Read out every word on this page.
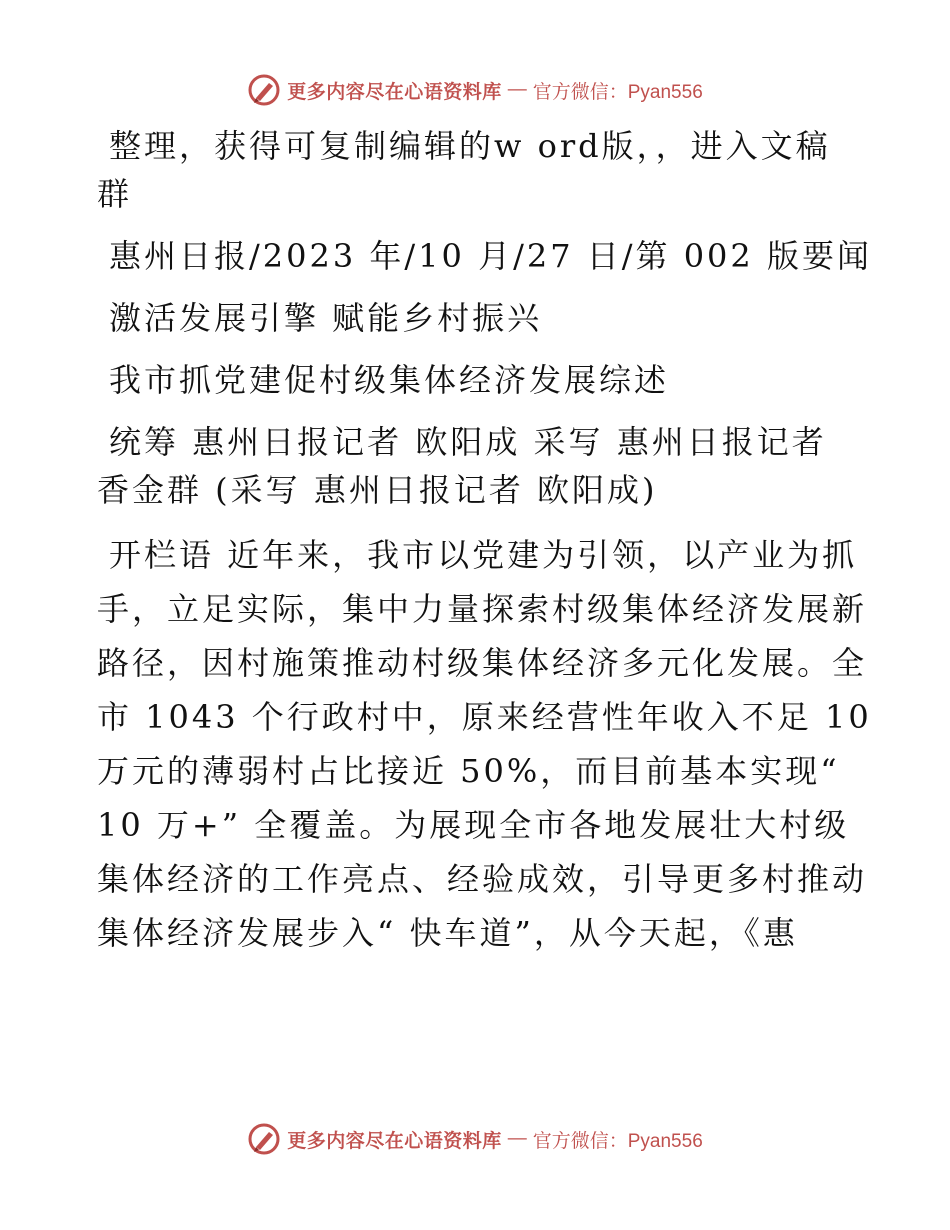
更多内容尽在心语资料库 — 官方微信：Pyan556
整理，获得可复制编辑的w ord版，，进入文稿
群
惠州日报/2023 年/10 月/27 日/第 002 版要闻
激活发展引擎 赋能乡村振兴
我市抓党建促村级集体经济发展综述
统筹 惠州日报记者 欧阳成 采写 惠州日报记者
香金群 (采写 惠州日报记者 欧阳成)
开栏语 近年来，我市以党建为引领，以产业为抓
手，立足实际，集中力量探索村级集体经济发展新
路径，因村施策推动村级集体经济多元化发展。全
市 1043 个行政村中，原来经营性年收入不足 10
万元的薄弱村占比接近 50%，而目前基本实现“
10 万+” 全覆盖。为展现全市各地发展壮大村级
集体经济的工作亮点、经验成效，引导更多村推动
集体经济发展步入“ 快车道”，从今天起，《惠
更多内容尽在心语资料库 — 官方微信：Pyan556
